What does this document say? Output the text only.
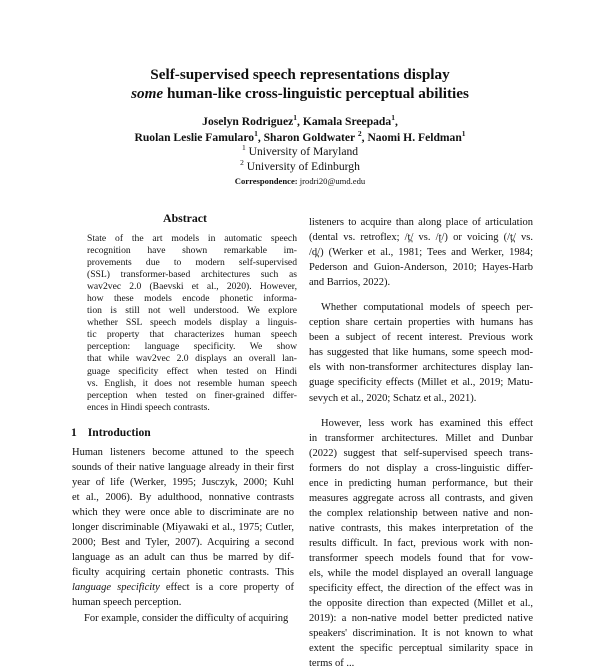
Self-supervised speech representations display
some human-like cross-linguistic perceptual abilities
Joselyn Rodriguez$^1$, Kamala Sreepada$^1$,
Ruolan Leslie Famularo$^1$, Sharon Goldwater $^2$, Naomi H. Feldman$^1$
$^1$ University of Maryland
$^2$ University of Edinburgh
Correspondence: jrodri20@umd.edu
Abstract
State of the art models in automatic speech
recognition have shown remarkable im-
provements due to modern self-supervised
(SSL) transformer-based architectures such as
wav2vec 2.0 (Baevski et al., 2020). However,
how these models encode phonetic informa-
tion is still not well understood. We explore
whether SSL speech models display a linguis-
tic property that characterizes human speech
perception: language specificity. We show
that while wav2vec 2.0 displays an overall lan-
guage specificity effect when tested on Hindi
vs. English, it does not resemble human speech
perception when tested on finer-grained differ-
ences in Hindi speech contrasts.
1 Introduction
Human listeners become attuned to the speech
sounds of their native language already in their first
year of life (Werker, 1995; Jusczyk, 2000; Kuhl
et al., 2006). By adulthood, nonnative contrasts
which they were once able to discriminate are no
longer discriminable (Miyawaki et al., 1975; Cutler,
2000; Best and Tyler, 2007). Acquiring a second
language as an adult can thus be marred by dif-
ficulty acquiring certain phonetic contrasts. This
language specificity effect is a core property of
human speech perception.
For example, consider the difficulty of acquiring
listeners to acquire than along place of articulation
(dental vs. retroflex; /t̪/ vs. /ʈ/) or voicing (/t̪/ vs.
/d̪/) (Werker et al., 1981; Tees and Werker, 1984;
Pederson and Guion-Anderson, 2010; Hayes-Harb
and Barrios, 2022).
Whether computational models of speech per-
ception share certain properties with humans has
been a subject of recent interest. Previous work
has suggested that like humans, some speech mod-
els with non-transformer architectures display lan-
guage specificity effects (Millet et al., 2019; Matu-
sevych et al., 2020; Schatz et al., 2021).
However, less work has examined this effect
in transformer architectures. Millet and Dunbar
(2022) suggest that self-supervised speech trans-
formers do not display a cross-linguistic differ-
ence in predicting human performance, but their
measures aggregate across all contrasts, and given
the complex relationship between native and non-
native contrasts, this makes interpretation of the
results difficult. In fact, previous work with non-
transformer speech models found that for vow-
els, while the model displayed an overall language
specificity effect, the direction of the effect was in
the opposite direction than expected (Millet et al.,
2019): a non-native model better predicted native
speakers' discrimination. It is not known to what
extent the specific perceptual similarity space in
terms of ...
